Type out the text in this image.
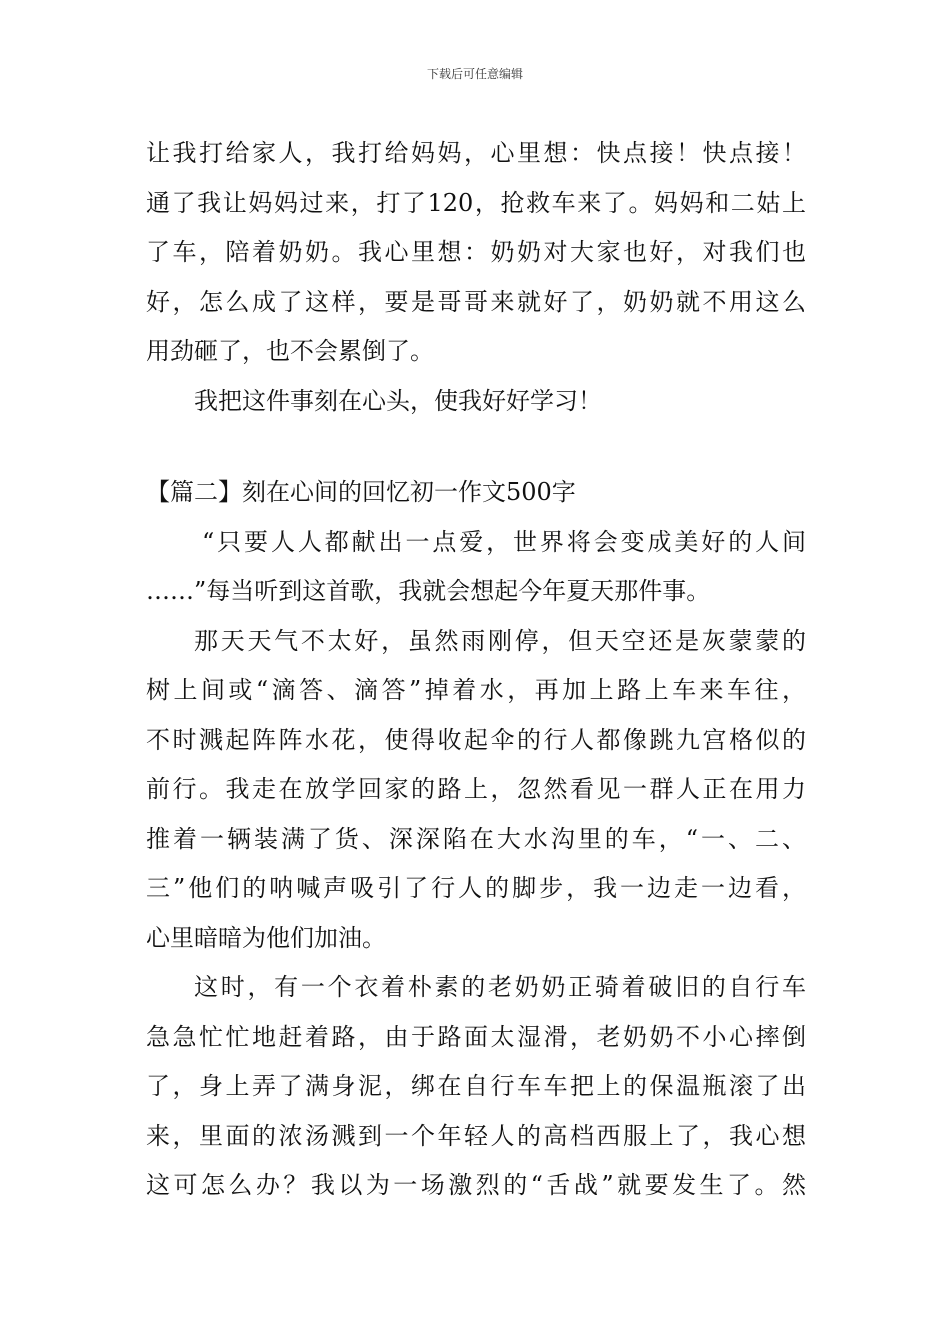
下载后可任意编辑
让我打给家人，我打给妈妈，心里想：快点接！快点接！
通了我让妈妈过来，打了120，抢救车来了。妈妈和二姑上
了车，陪着奶奶。我心里想：奶奶对大家也好，对我们也
好，怎么成了这样，要是哥哥来就好了，奶奶就不用这么
用劲砸了，也不会累倒了。
我把这件事刻在心头，使我好好学习！
【篇二】刻在心间的回忆初一作文500字
“只要人人都献出一点爱，世界将会变成美好的人间
……”每当听到这首歌，我就会想起今年夏天那件事。
那天天气不太好，虽然雨刚停，但天空还是灰蒙蒙的
树上间或“滴答、滴答”掉着水，再加上路上车来车往，
不时溅起阵阵水花，使得收起伞的行人都像跳九宫格似的
前行。我走在放学回家的路上，忽然看见一群人正在用力
推着一辆装满了货、深深陷在大水沟里的车，“一、二、
三”他们的呐喊声吸引了行人的脚步，我一边走一边看，
心里暗暗为他们加油。
这时，有一个衣着朴素的老奶奶正骑着破旧的自行车
急急忙忙地赶着路，由于路面太湿滑，老奶奶不小心摔倒
了，身上弄了满身泥，绑在自行车车把上的保温瓶滚了出
来，里面的浓汤溅到一个年轻人的高档西服上了，我心想
这可怎么办？我以为一场激烈的“舌战”就要发生了。然
